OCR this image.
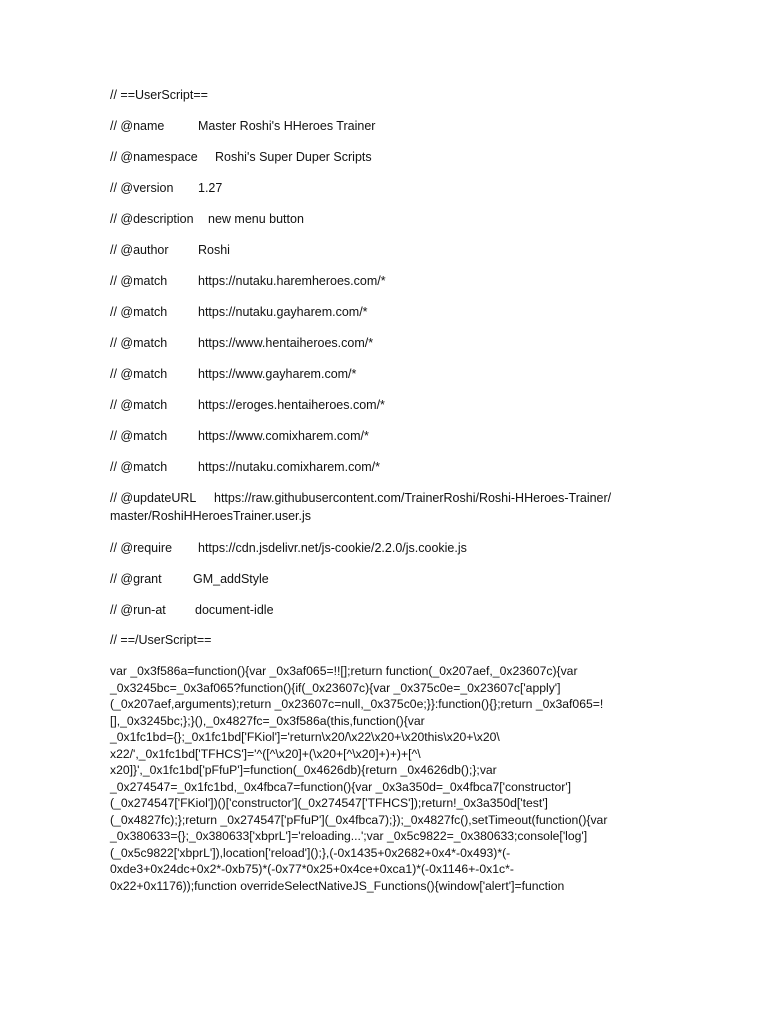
// ==UserScript==
// @name	Master Roshi's HHeroes Trainer
// @namespace Roshi's Super Duper Scripts
// @version 1.27
// @description new menu button
// @author Roshi
// @match https://nutaku.haremheroes.com/*
// @match https://nutaku.gayharem.com/*
// @match https://www.hentaiheroes.com/*
// @match https://www.gayharem.com/*
// @match https://eroges.hentaiheroes.com/*
// @match https://www.comixharem.com/*
// @match https://nutaku.comixharem.com/*
// @updateURL https://raw.githubusercontent.com/TrainerRoshi/Roshi-HHeroes-Trainer/
master/RoshiHHeroesTrainer.user.js
// @require https://cdn.jsdelivr.net/js-cookie/2.2.0/js.cookie.js
// @grant	GM_addStyle
// @run-at document-idle
// ==/UserScript==
var _0x3f586a=function(){var _0x3af065=!![];return function(_0x207aef,_0x23607c){var
_0x3245bc=_0x3af065?function(){if(_0x23607c){var _0x375c0e=_0x23607c['apply']
(_0x207aef,arguments);return _0x23607c=null,_0x375c0e;}}:function(){};return _0x3af065=!
[],_0x3245bc;};}(),_0x4827fc=_0x3f586a(this,function(){var
_0x1fc1bd={};_0x1fc1bd['FKiol']='return\x20/\x22\x20+\x20this\x20+\x20\
x22/',_0x1fc1bd['TFHCS']='^([^\x20]+(\x20+[^\x20]+)+)+[^\
x20]}',_0x1fc1bd['pFfuP']=function(_0x4626db){return _0x4626db();};var
_0x274547=_0x1fc1bd,_0x4fbca7=function(){var _0x3a350d=_0x4fbca7['constructor']
(_0x274547['FKiol'])()['constructor'](_0x274547['TFHCS']);return!_0x3a350d['test']
(_0x4827fc);};return _0x274547['pFfuP'](_0x4fbca7);});_0x4827fc(),setTimeout(function(){var
_0x380633={};_0x380633['xbprL']='reloading...';var _0x5c9822=_0x380633;console['log']
(_0x5c9822['xbprL']),location['reload']();},(-0x1435+0x2682+0x4*-0x493)*(-
0xde3+0x24dc+0x2*-0xb75)*(-0x77*0x25+0x4ce+0xca1)*(-0x1146+-0x1c*-
0x22+0x1176));function overrideSelectNativeJS_Functions(){window['alert']=function
